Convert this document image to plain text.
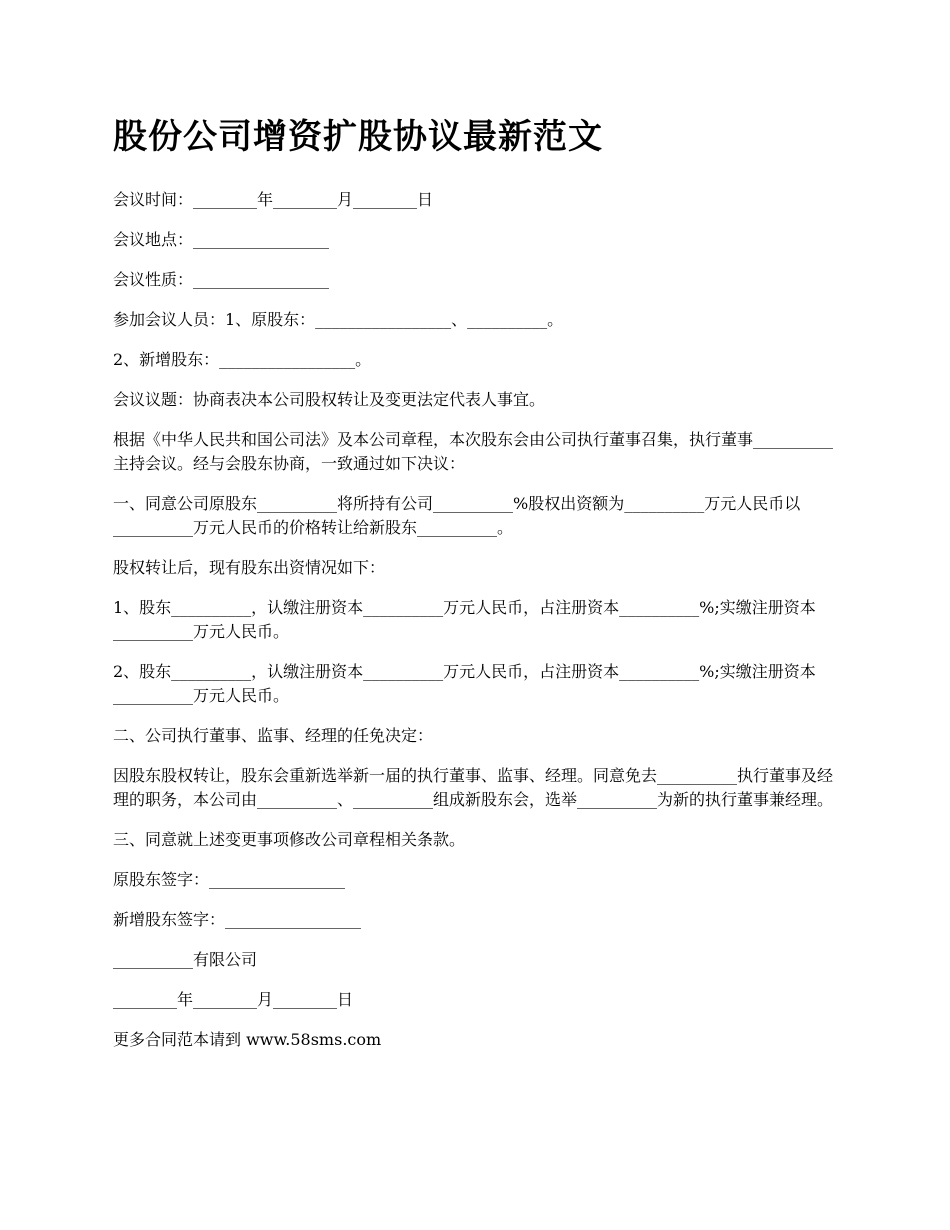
股份公司增资扩股协议最新范文

会议时间：________年________月________日

会议地点：_________________

会议性质：_________________

参加会议人员：1、原股东：_________________、__________。

2、新增股东：_________________。

会议议题：协商表决本公司股权转让及变更法定代表人事宜。

根据《中华人民共和国公司法》及本公司章程，本次股东会由公司执行董事召集，执行董事__________主持会议。经与会股东协商，一致通过如下决议：

一、同意公司原股东__________将所持有公司__________%股权出资额为__________万元人民币以__________万元人民币的价格转让给新股东__________。

股权转让后，现有股东出资情况如下：

1、股东__________，认缴注册资本__________万元人民币，占注册资本__________%;实缴注册资本__________万元人民币。

2、股东__________，认缴注册资本__________万元人民币，占注册资本__________%;实缴注册资本__________万元人民币。

二、公司执行董事、监事、经理的任免决定：

因股东股权转让，股东会重新选举新一届的执行董事、监事、经理。同意免去__________执行董事及经理的职务，本公司由__________、__________组成新股东会，选举__________为新的执行董事兼经理。

三、同意就上述变更事项修改公司章程相关条款。

原股东签字：_________________

新增股东签字：_________________

__________有限公司

________年________月________日

更多合同范本请到 www.58sms.com
